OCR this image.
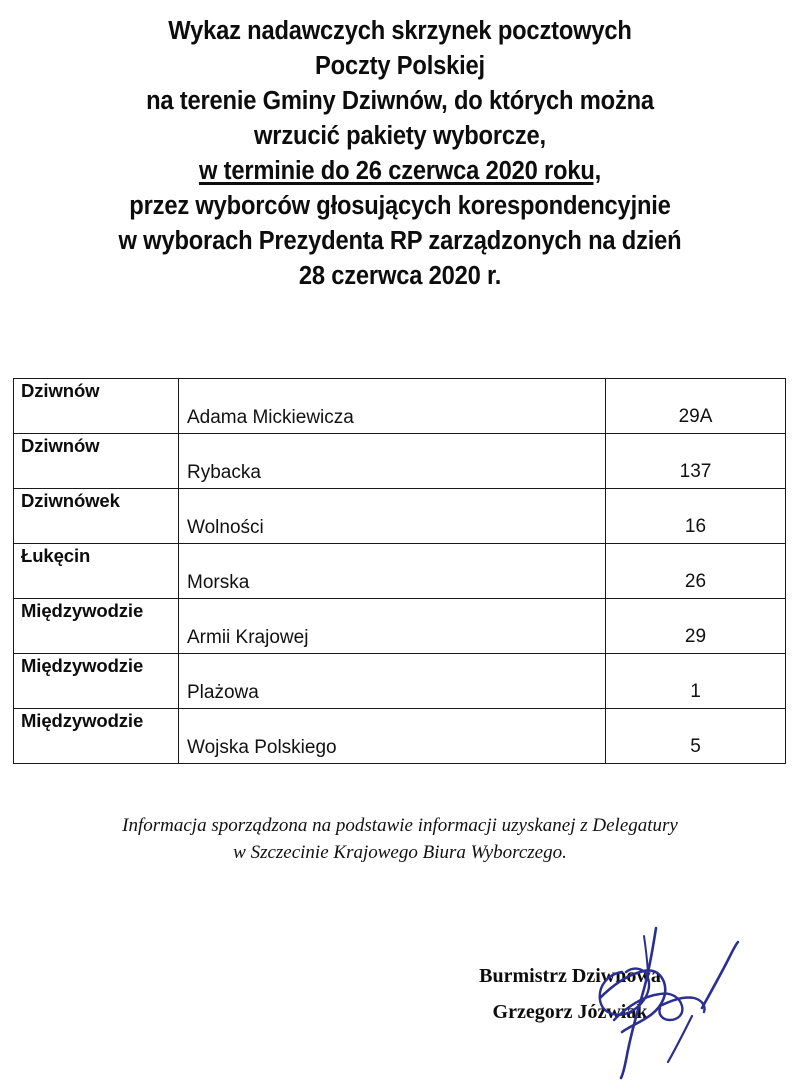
Wykaz nadawczych skrzynek pocztowych
Poczty Polskiej
na terenie Gminy Dziwnów, do których można
wrzucić pakiety wyborcze,
w terminie do 26 czerwca 2020 roku,
przez wyborców głosujących korespondencyjnie
w wyborach Prezydenta RP zarządzonych na dzień
28 czerwca 2020 r.
Dziwnów	Adama Mickiewicza	29A

Dziwnów	Rybacka	137

Dziwnówek	Wolności	16

Łukęcin	Morska	26

Międzywodzie	Armii Krajowej	29

Międzywodzie	Plażowa	1

Międzywodzie	Wojska Polskiego	5
Informacja sporządzona na podstawie informacji uzyskanej z Delegatury
w Szczecinie Krajowego Biura Wyborczego.
Burmistrz Dziwnowa
Grzegorz Józwiak
